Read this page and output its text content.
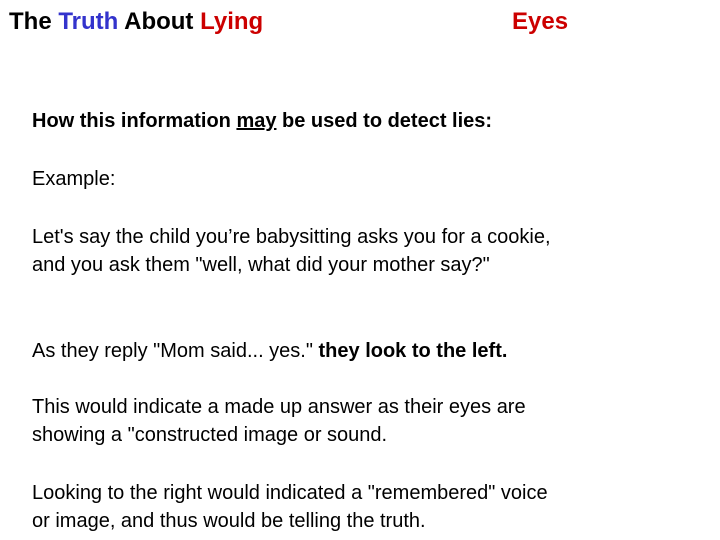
The Truth About Lying	Eyes

How this information may be used to detect lies:

Example:

Let's say the child you’re babysitting asks you for a cookie,
and you ask them "well, what did your mother say?"

As they reply "Mom said... yes." they look to the left.

This would indicate a made up answer as their eyes are
showing a "constructed image or sound.

Looking to the right would indicated a "remembered" voice
or image, and thus would be telling the truth.
